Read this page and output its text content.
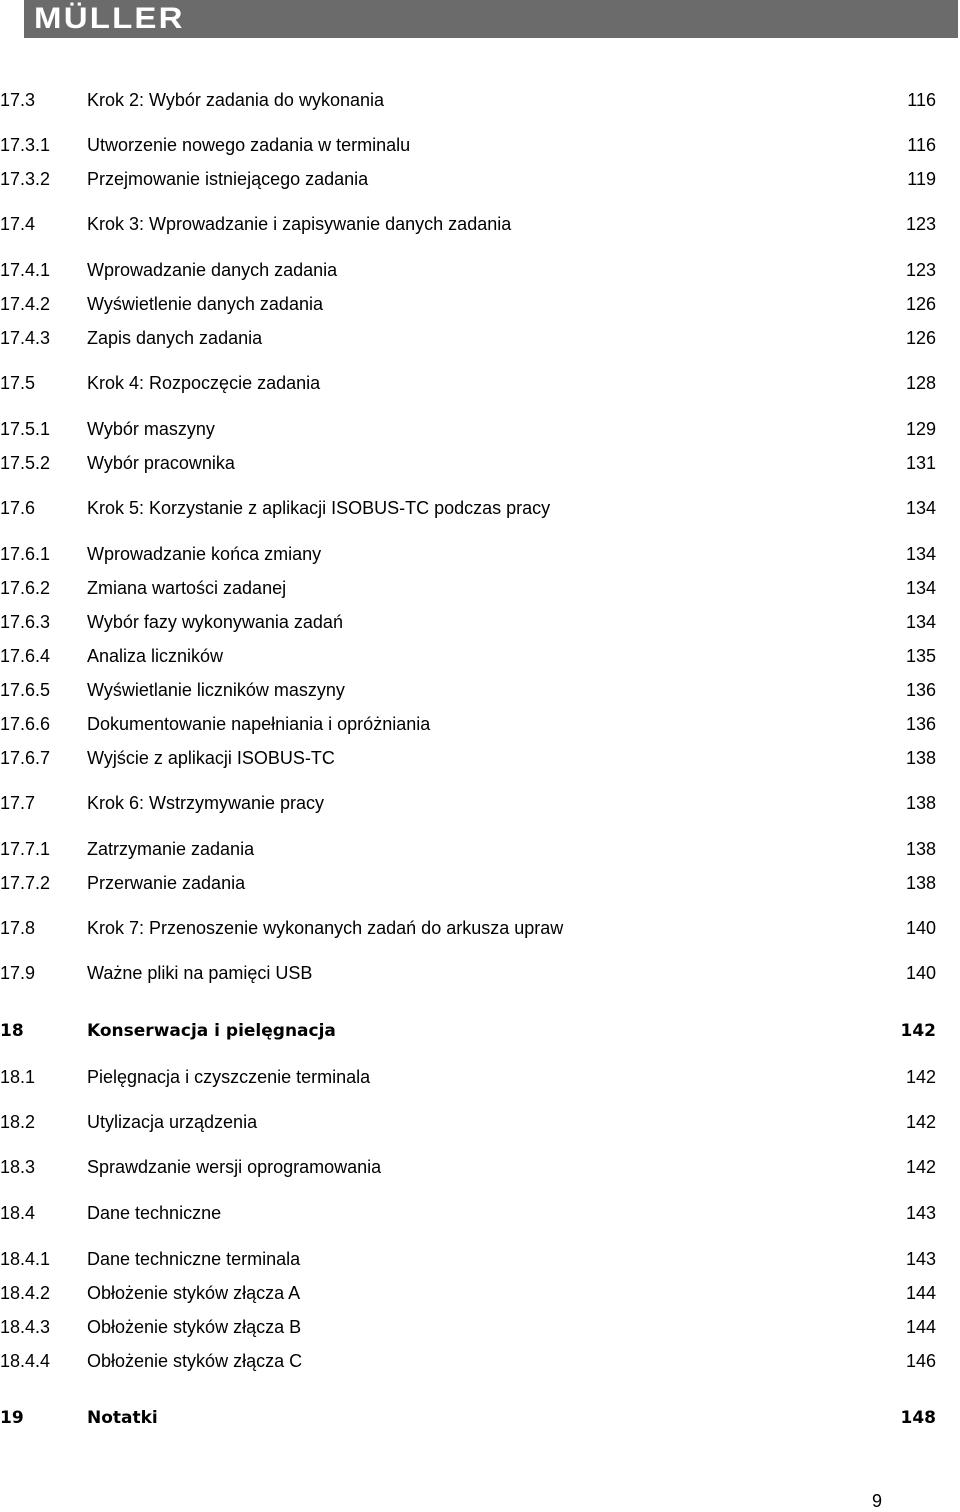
MÜLLER
17.3	Krok 2: Wybór zadania do wykonania	116
17.3.1 Utworzenie nowego zadania w terminalu	116
17.3.2 Przejmowanie istniejącego zadania	119
17.4	Krok 3: Wprowadzanie i zapisywanie danych zadania	123
17.4.1 Wprowadzanie danych zadania	123
17.4.2 Wyświetlenie danych zadania	126
17.4.3 Zapis danych zadania	126
17.5	Krok 4: Rozpoczęcie zadania	128
17.5.1 Wybór maszyny	129
17.5.2 Wybór pracownika	131
17.6	Krok 5: Korzystanie z aplikacji ISOBUS-TC podczas pracy	134
17.6.1 Wprowadzanie końca zmiany	134
17.6.2 Zmiana wartości zadanej	134
17.6.3 Wybór fazy wykonywania zadań	134
17.6.4 Analiza liczników	135
17.6.5 Wyświetlanie liczników maszyny	136
17.6.6 Dokumentowanie napełniania i opróżniania	136
17.6.7 Wyjście z aplikacji ISOBUS-TC	138
17.7	Krok 6: Wstrzymywanie pracy	138
17.7.1 Zatrzymanie zadania	138
17.7.2 Przerwanie zadania	138
17.8	Krok 7: Przenoszenie wykonanych zadań do arkusza upraw	140
17.9	Ważne pliki na pamięci USB	140
18	Konserwacja i pielęgnacja	142
18.1	Pielęgnacja i czyszczenie terminala	142
18.2	Utylizacja urządzenia	142
18.3	Sprawdzanie wersji oprogramowania	142
18.4	Dane techniczne	143
18.4.1 Dane techniczne terminala	143
18.4.2 Obłożenie styków złącza A	144
18.4.3 Obłożenie styków złącza B	144
18.4.4 Obłożenie styków złącza C	146
19	Notatki	148
9
